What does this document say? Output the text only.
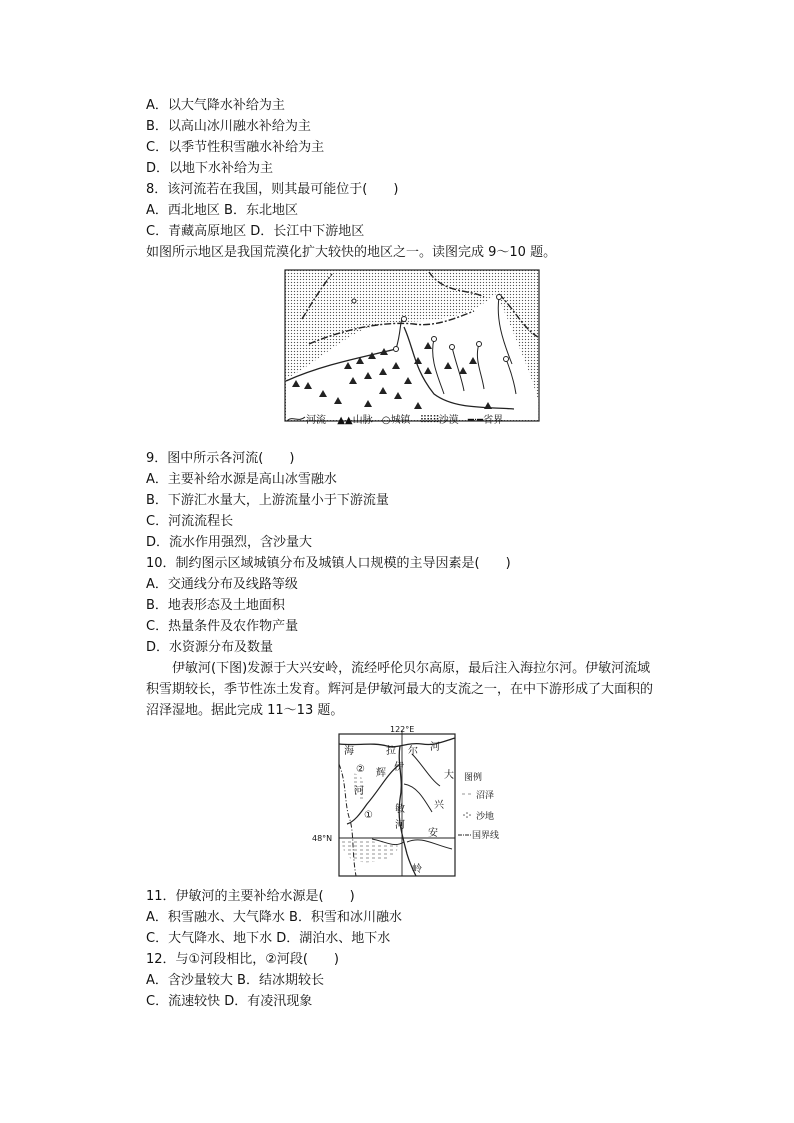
A．以大气降水补给为主
B．以高山冰川融水补给为主
C．以季节性积雪融水补给为主
D．以地下水补给为主
8．该河流若在我国，则其最可能位于(　　)
A．西北地区 B．东北地区
C．青藏高原地区 D．长江中下游地区
如图所示地区是我国荒漠化扩大较快的地区之一。读图完成 9～10 题。
河流 ▲▲山脉 ○城镇 ⠿⠿⠿沙漠 ━·━省界
9．图中所示各河流(　　)
A．主要补给水源是高山冰雪融水
B．下游汇水量大，上游流量小于下游流量
C．河流流程长
D．流水作用强烈，含沙量大
10．制约图示区域城镇分布及城镇人口规模的主导因素是(　　)
A．交通线分布及线路等级
B．地表形态及土地面积
C．热量条件及农作物产量
D．水资源分布及数量
伊敏河(下图)发源于大兴安岭，流经呼伦贝尔高原，最后注入海拉尔河。伊敏河流域积雪期较长，季节性冻土发育。辉河是伊敏河最大的支流之一，在中下游形成了大面积的沼泽湿地。据此完成 11～13 题。
海	拉 尔 河
大
兴
安
岭
伊
敏
河
辉
河
②
①
122°E
48°N
图例
沼泽
沙地
国界线
11．伊敏河的主要补给水源是(　　)
A．积雪融水、大气降水 B．积雪和冰川融水
C．大气降水、地下水 D．湖泊水、地下水
12．与①河段相比，②河段(　　)
A．含沙量较大 B．结冰期较长
C．流速较快 D．有凌汛现象
